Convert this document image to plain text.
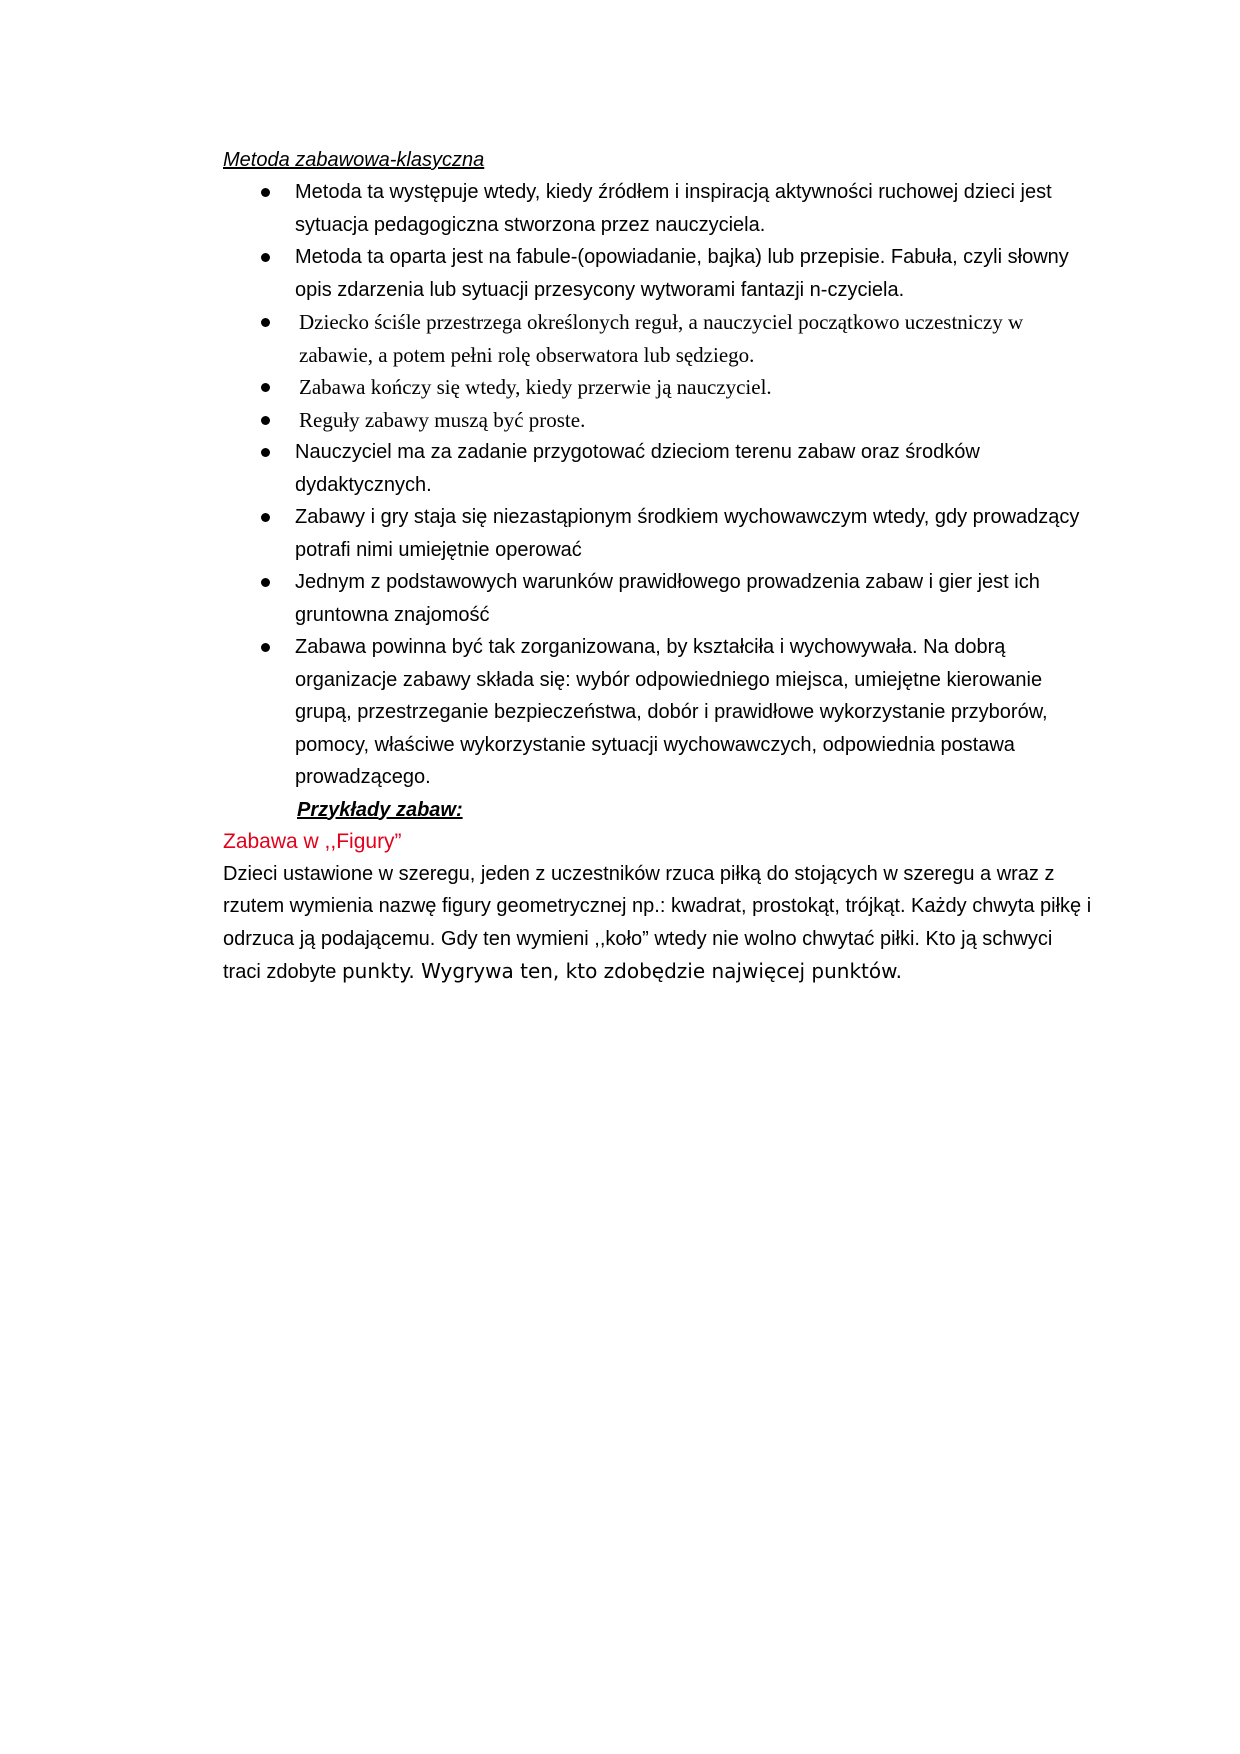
Metoda zabawowa-klasyczna

Metoda ta występuje wtedy, kiedy źródłem i inspiracją aktywności ruchowej dzieci jest sytuacja pedagogiczna stworzona przez nauczyciela.
Metoda ta oparta jest na fabule-(opowiadanie, bajka) lub przepisie. Fabuła, czyli słowny opis zdarzenia lub sytuacji przesycony wytworami fantazji n-czyciela.
Dziecko ściśle przestrzega określonych reguł, a nauczyciel początkowo uczestniczy w zabawie, a potem pełni rolę obserwatora lub sędziego.
Zabawa kończy się wtedy, kiedy przerwie ją nauczyciel.
Reguły zabawy muszą być proste.
Nauczyciel ma za zadanie przygotować dzieciom terenu zabaw oraz środków dydaktycznych.
Zabawy i gry staja się niezastąpionym środkiem wychowawczym wtedy, gdy prowadzący potrafi nimi umiejętnie operować
Jednym z podstawowych warunków prawidłowego prowadzenia zabaw i gier jest ich gruntowna znajomość
Zabawa powinna być tak zorganizowana, by kształciła i wychowywała. Na dobrą organizacje zabawy składa się: wybór odpowiedniego miejsca, umiejętne kierowanie grupą, przestrzeganie bezpieczeństwa, dobór i prawidłowe wykorzystanie przyborów, pomocy, właściwe wykorzystanie sytuacji wychowawczych, odpowiednia postawa prowadzącego.

Przykłady zabaw:

Zabawa w ,,Figury”

Dzieci ustawione w szeregu, jeden z uczestników rzuca piłką do stojących w szeregu a wraz z rzutem wymienia nazwę figury geometrycznej np.: kwadrat, prostokąt, trójkąt. Każdy chwyta piłkę i odrzuca ją podającemu. Gdy ten wymieni ,,koło” wtedy nie wolno chwytać piłki. Kto ją schwyci traci zdobyte punkty. Wygrywa ten, kto zdobędzie najwięcej punktów.
